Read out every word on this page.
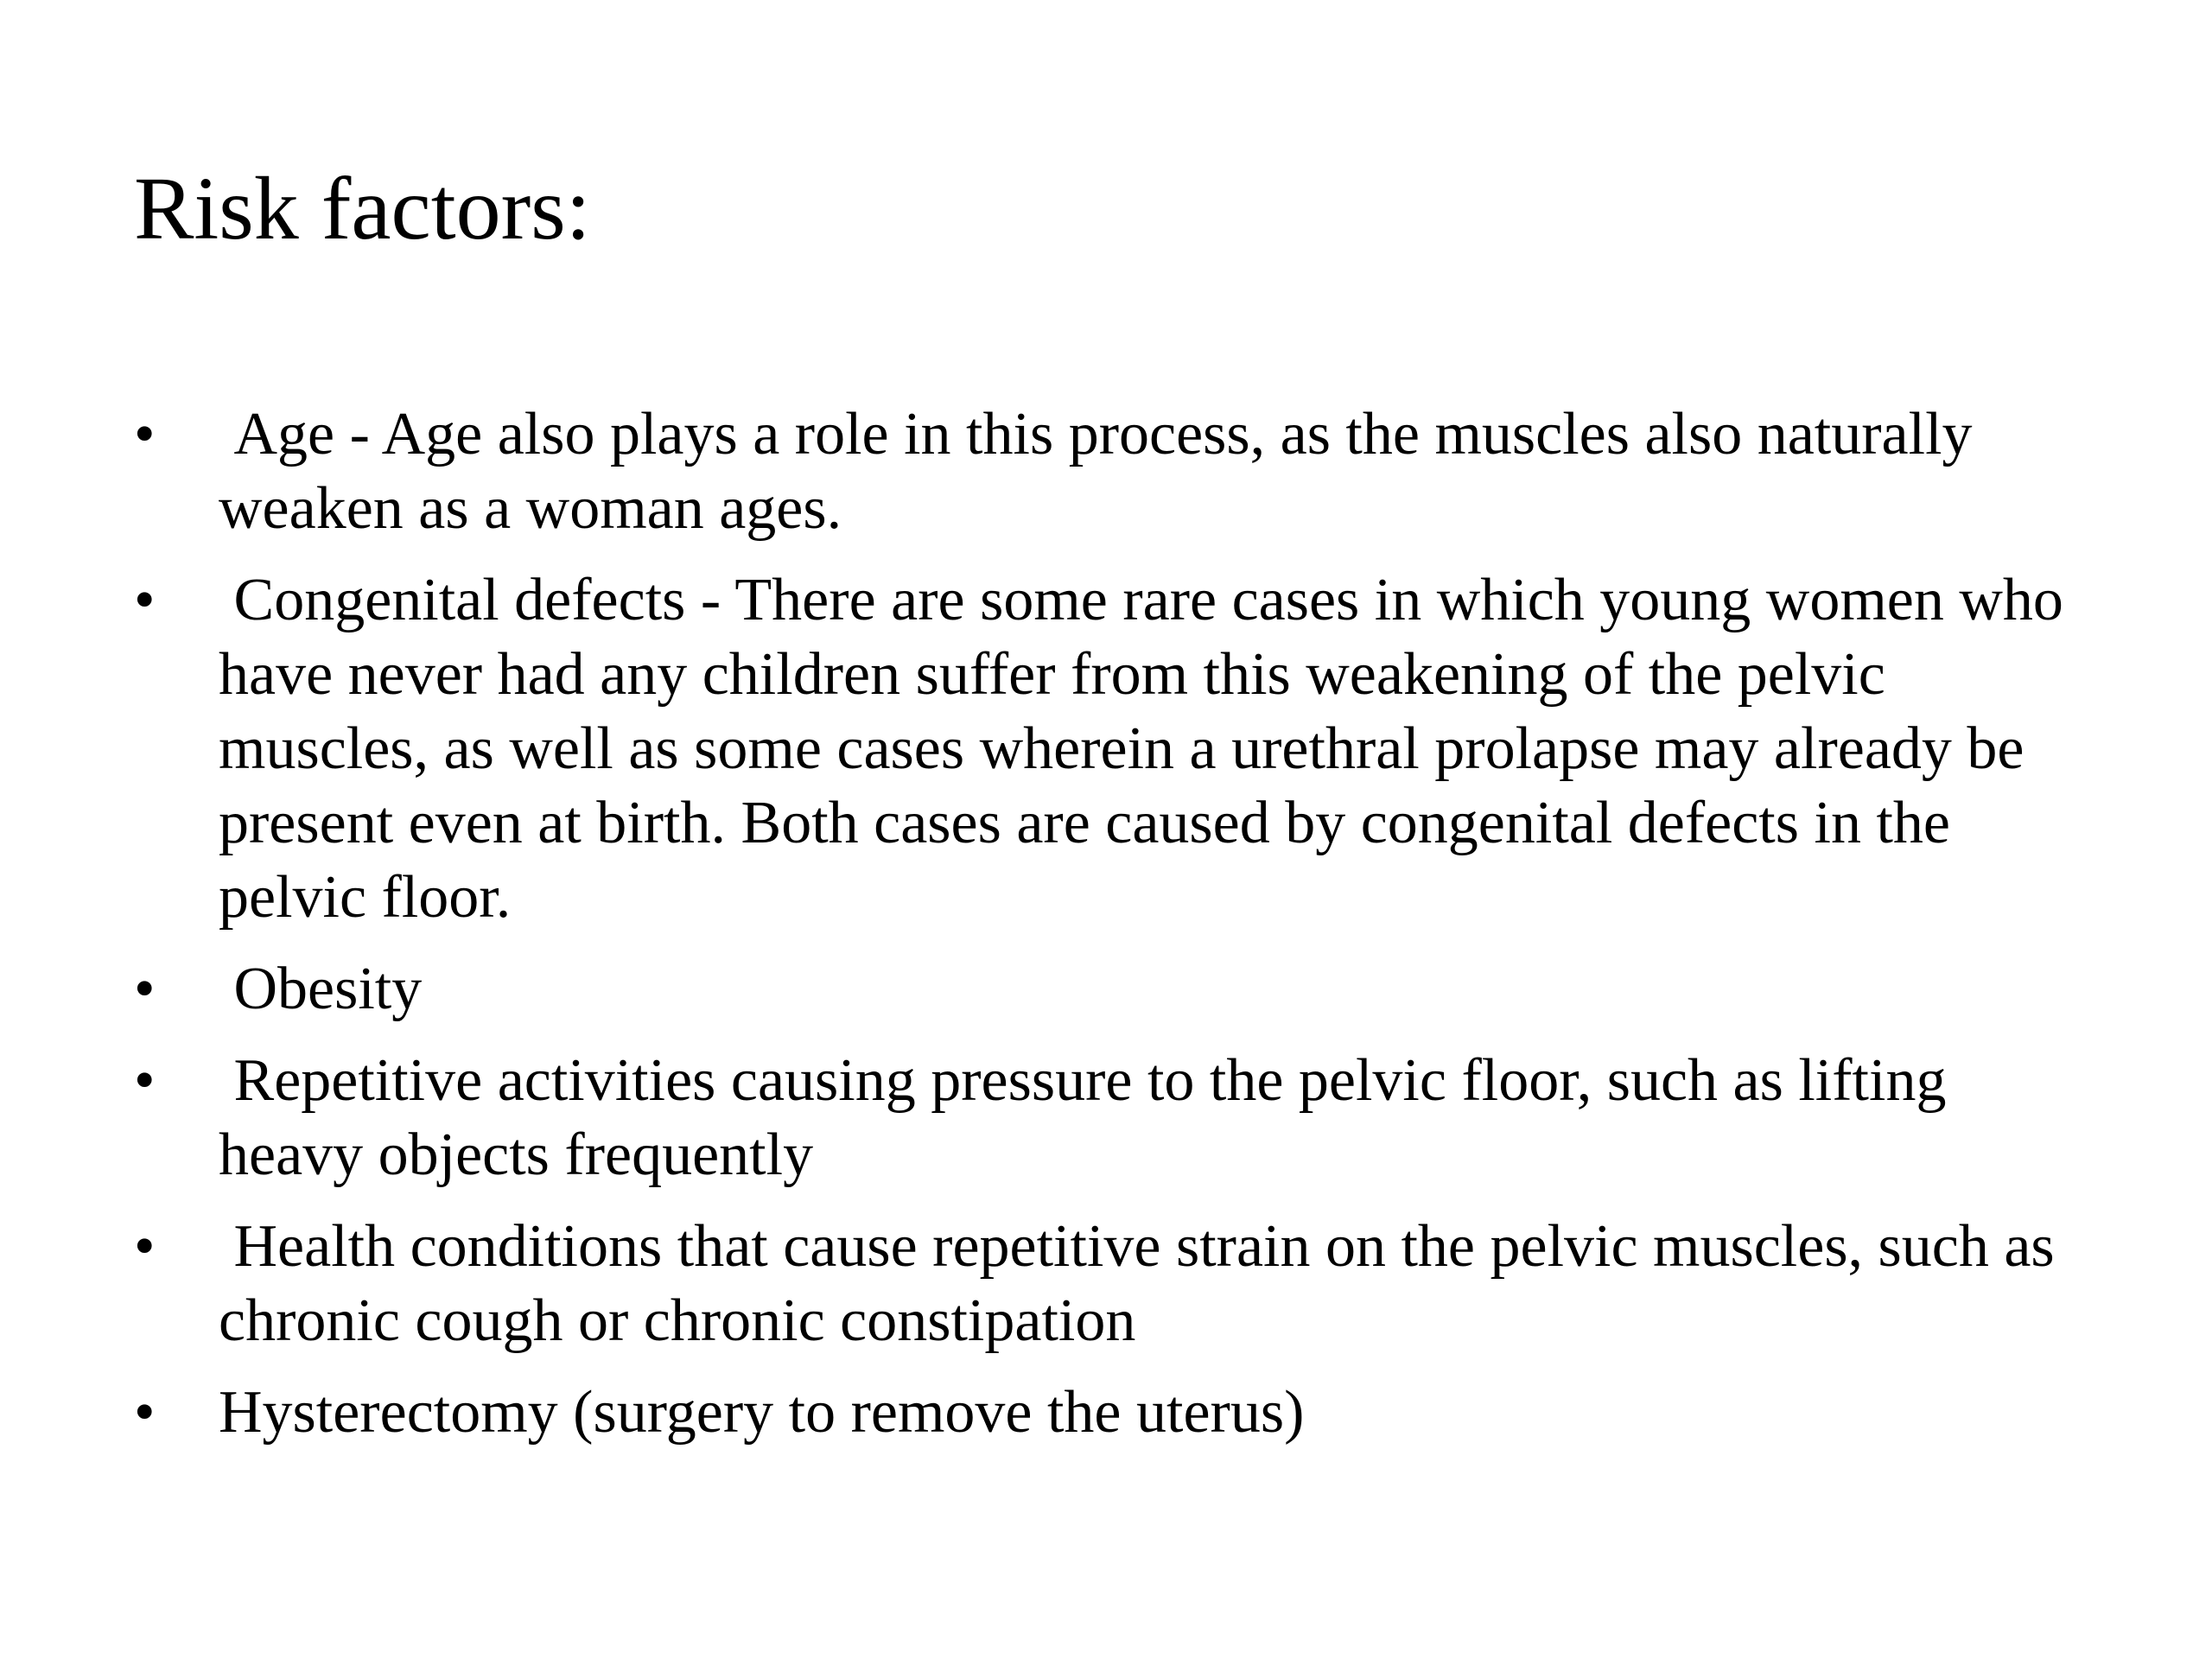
Risk factors:
• Age - Age also plays a role in this process, as the muscles also naturally weaken as a woman ages.
• Congenital defects - There are some rare cases in which young women who have never had any children suffer from this weakening of the pelvic muscles, as well as some cases wherein a urethral prolapse may already be present even at birth. Both cases are caused by congenital defects in the pelvic floor.
• Obesity
• Repetitive activities causing pressure to the pelvic floor, such as lifting heavy objects frequently
• Health conditions that cause repetitive strain on the pelvic muscles, such as chronic cough or chronic constipation
• Hysterectomy (surgery to remove the uterus)
